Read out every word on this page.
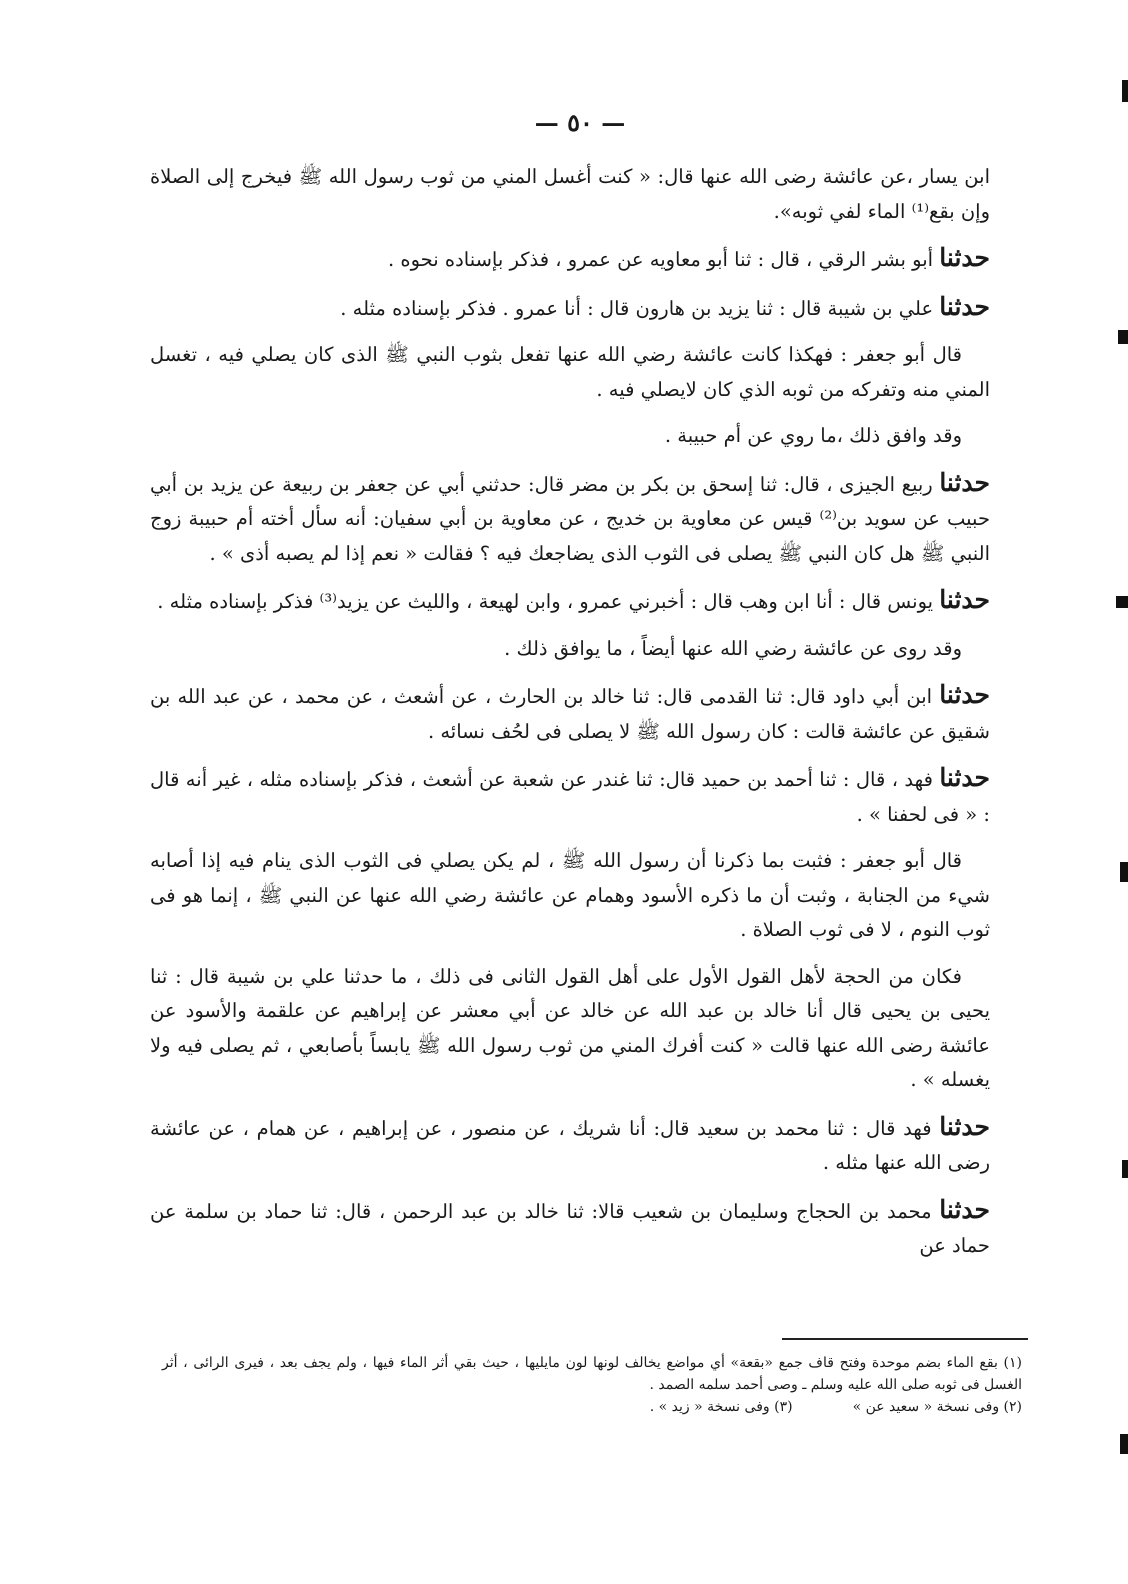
— ٥٠ —

ابن يسار ،عن عائشة رضى الله عنها قال: « كنت أغسل المني من ثوب رسول الله ﷺ فيخرج إلى الصلاة وإن بقع⁽¹⁾ الماء لفي ثوبه».

حدثنا أبو بشر الرقي ، قال : ثنا أبو معاويه عن عمرو ، فذكر بإسناده نحوه .

حدثنا علي بن شيبة قال : ثنا يزيد بن هارون قال : أنا عمرو . فذكر بإسناده مثله .

قال أبو جعفر : فهكذا كانت عائشة رضي الله عنها تفعل بثوب النبي ﷺ الذى كان يصلي فيه ، تغسل المني منه وتفركه من ثوبه الذي كان لايصلي فيه .

وقد وافق ذلك ،ما روي عن أم حبيبة .

حدثنا ربيع الجيزى ، قال: ثنا إسحق بن بكر بن مضر قال: حدثني أبي عن جعفر بن ربيعة عن يزيد بن أبي حبيب عن سويد بن⁽²⁾ قيس عن معاوية بن خديج ، عن معاوية بن أبي سفيان: أنه سأل أخته أم حبيبة زوج النبي ﷺ هل كان النبي ﷺ يصلى فى الثوب الذى يضاجعك فيه ؟ فقالت « نعم إذا لم يصبه أذى » .

حدثنا يونس قال : أنا ابن وهب قال : أخبرني عمرو ، وابن لهيعة ، والليث عن يزيد⁽³⁾ فذكر بإسناده مثله .

وقد روى عن عائشة رضي الله عنها أيضاً ، ما يوافق ذلك .

حدثنا ابن أبي داود قال: ثنا القدمى قال: ثنا خالد بن الحارث ، عن أشعث ، عن محمد ، عن عبد الله بن شقيق عن عائشة قالت : كان رسول الله ﷺ لا يصلى فى لحُف نسائه .

حدثنا فهد ، قال : ثنا أحمد بن حميد قال: ثنا غندر عن شعبة عن أشعث ، فذكر بإسناده مثله ، غير أنه قال : « فى لحفنا » .

قال أبو جعفر : فثبت بما ذكرنا أن رسول الله ﷺ ، لم يكن يصلي فى الثوب الذى ينام فيه إذا أصابه شيء من الجنابة ، وثبت أن ما ذكره الأسود وهمام عن عائشة رضي الله عنها عن النبي ﷺ ، إنما هو فى ثوب النوم ، لا فى ثوب الصلاة .

فكان من الحجة لأهل القول الأول على أهل القول الثانى فى ذلك ، ما حدثنا علي بن شيبة قال : ثنا يحيى بن يحيى قال أنا خالد بن عبد الله عن خالد عن أبي معشر عن إبراهيم عن علقمة والأسود عن عائشة رضى الله عنها قالت « كنت أفرك المني من ثوب رسول الله ﷺ يابساً بأصابعي ، ثم يصلى فيه ولا يغسله » .

حدثنا فهد قال : ثنا محمد بن سعيد قال: أنا شريك ، عن منصور ، عن إبراهيم ، عن همام ، عن عائشة رضى الله عنها مثله .

حدثنا محمد بن الحجاج وسليمان بن شعيب قالا: ثنا خالد بن عبد الرحمن ، قال: ثنا حماد بن سلمة عن حماد عن

(١) بقع الماء بضم موحدة وفتح قاف جمع «بقعة» أي مواضع يخالف لونها لون مايليها ، حيث بقي أثر الماء فيها ، ولم يجف بعد ، فيرى الرائى ، أثر الغسل فى ثوبه صلى الله عليه وسلم ـ وصى أحمد سلمه الصمد .

(٢) وفى نسخة « سعيد عن »
(٣) وفى نسخة « زيد » .
